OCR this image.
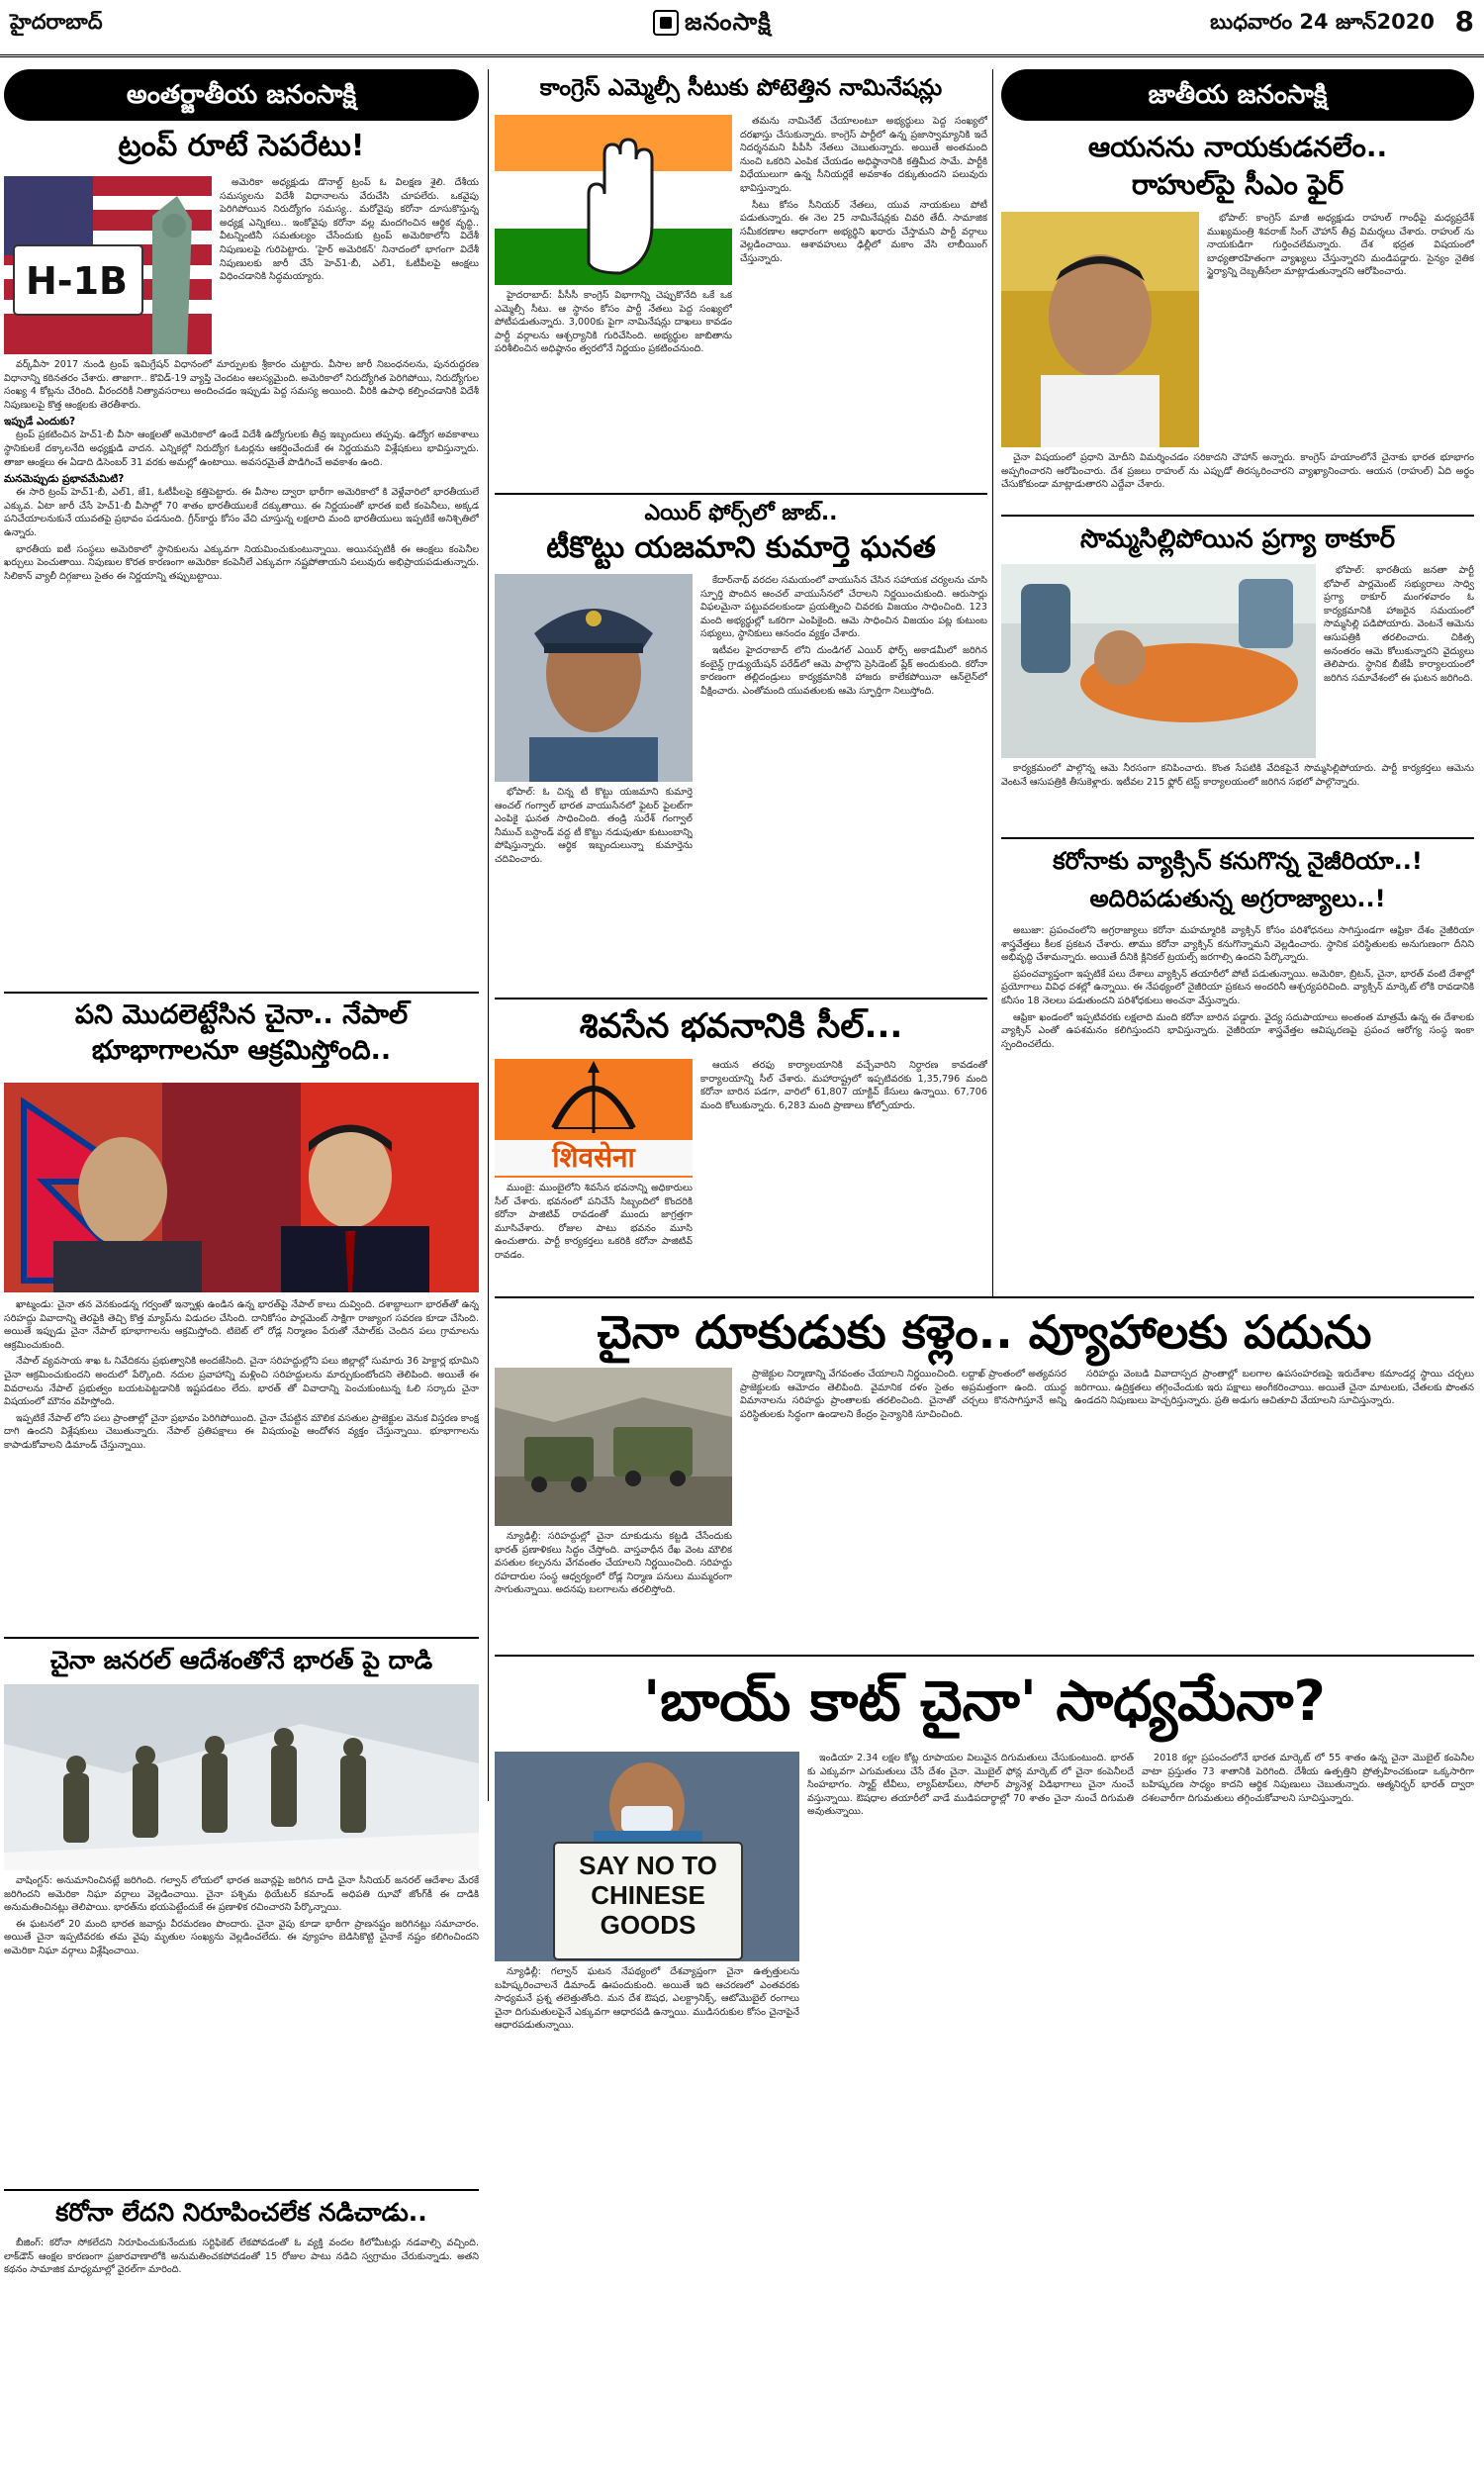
హైదరాబాద్	జనంసాక్షి	బుధవారం 24 జూన్‌2020 8
అంతర్జాతీయ జనంసాక్షి
ట్రంప్‌ రూటే సెపరేటు!
H-1B

అమెరికా అధ్యక్షుడు డొనాల్డ్‌ ట్రంప్‌ ఓ విలక్షణ శైలి. దేశీయ సమస్యలను విదేశీ విధానాలను వేరుచేసి చూపలేరు. ఒకవైపు పెరిగిపోయిన నిరుద్యోగం సమస్య.. మరోవైపు కరోనా దూసుకొస్తున్న అధ్యక్ష ఎన్నికలు.. ఇంకోవైపు కరోనా వల్ల మందగించిన ఆర్థిక వృద్ధి.. వీటన్నింటినీ సమతుల్యం చేసేందుకు ట్రంప్‌ అమెరికాలోని విదేశీ నిపుణులపై గురిపెట్టారు. 'హైర్‌ అమెరికన్‌' నినాదంలో భాగంగా విదేశీ నిపుణులకు జారీ చేసే హెచ్‌1-బీ, ఎల్‌1, ఓటీపీలపై ఆంక్షలు విధించడానికి సిద్ధమయ్యారు.

వర్క్‌వీసా 2017 నుండి ట్రంప్‌ ఇమిగ్రేషన్‌ విధానంలో మార్పులకు శ్రీకారం చుట్టారు. వీసాల జారీ నిబంధనలను, పునరుద్ధరణ విధానాన్ని కఠినతరం చేశారు. తాజాగా.. కొవిడ్‌-19 వ్యాప్తి చెందటం ఆలస్యమైంది. అమెరికాలో నిరుద్యోగిత పెరిగిపోయి, నిరుద్యోగుల సంఖ్య 4 కోట్లను చేరింది. వీరందరికీ నిత్యావసరాలు అందించడం ఇప్పుడు పెద్ద సమస్య అయింది. వీరికి ఉపాధి కల్పించడానికి విదేశీ నిపుణులపై కొత్త ఆంక్షలకు తెరతీశారు.

ఇప్పుడే ఎందుకు?

ట్రంప్‌ ప్రకటించిన హెచ్‌1-బీ వీసా ఆంక్షలతో అమెరికాలో ఉండే విదేశీ ఉద్యోగులకు తీవ్ర ఇబ్బందులు తప్పవు. ఉద్యోగ అవకాశాలు స్థానికులకే దక్కాలనేది అధ్యక్షుడి వాదన. ఎన్నికల్లో నిరుద్యోగ ఓటర్లను ఆకర్షించేందుకే ఈ నిర్ణయమని విశ్లేషకులు భావిస్తున్నారు. తాజా ఆంక్షలు ఈ ఏడాది డిసెంబర్‌ 31 వరకు అమల్లో ఉంటాయి. అవసరమైతే పొడిగించే అవకాశం ఉంది.

మనమెప్పుడు ప్రభావమేమిటి?

ఈ సారి ట్రంప్‌ హెచ్‌1-బీ, ఎల్‌1, జే1, ఓటీపీలపై కత్తిపెట్టారు. ఈ వీసాల ద్వారా భారీగా అమెరికాలో కి వెళ్లేవారిలో భారతీయులే ఎక్కువ. ఏటా జారీ చేసే హెచ్‌1-బీ వీసాల్లో 70 శాతం భారతీయులకే దక్కుతాయి. ఈ నిర్ణయంతో భారత ఐటీ కంపెనీలు, అక్కడ పనిచేయాలనుకునే యువతపై ప్రభావం పడనుంది. గ్రీన్‌కార్డు కోసం వేచి చూస్తున్న లక్షలాది మంది భారతీయులు ఇప్పటికే అనిశ్చితిలో ఉన్నారు.

భారతీయ ఐటీ సంస్థలు అమెరికాలో స్థానికులను ఎక్కువగా నియమించుకుంటున్నాయి. అయినప్పటికీ ఈ ఆంక్షలు కంపెనీల ఖర్చులు పెంచుతాయి. నిపుణుల కొరత కారణంగా అమెరికా కంపెనీలే ఎక్కువగా నష్టపోతాయని పలువురు అభిప్రాయపడుతున్నారు. సిలికాన్‌ వ్యాలీ దిగ్గజాలు సైతం ఈ నిర్ణయాన్ని తప్పుబట్టాయి.

పని మొదలెట్టేసిన చైనా.. నేపాల్‌
భూభాగాలనూ ఆక్రమిస్తోంది..

ఖాట్మండు: చైనా తన వెనకుండన్న గర్వంతో ఇన్నాళ్లు ఉండిన ఉన్న భారత్‌పై నేపాల్‌ కాలు దువ్వింది. దశాబ్దాలుగా భారత్‌తో ఉన్న సరిహద్దు వివాదాన్ని తెరపైకి తెచ్చి కొత్త మ్యాప్‌ను విడుదల చేసింది. దానికోసం పార్లమెంట్‌ సాక్షిగా రాజ్యాంగ సవరణ కూడా చేసింది. అయితే ఇప్పుడు చైనా నేపాల్‌ భూభాగాలను ఆక్రమిస్తోంది. టిబెట్‌ లో రోడ్ల నిర్మాణం పేరుతో నేపాల్‌కు చెందిన పలు గ్రామాలను ఆక్రమించుకుంది.

నేపాల్‌ వ్యవసాయ శాఖ ఓ నివేదికను ప్రభుత్వానికి అందజేసింది. చైనా సరిహద్దుల్లోని పలు జిల్లాల్లో సుమారు 36 హెక్టార్ల భూమిని చైనా ఆక్రమించుకుందని అందులో పేర్కొంది. నదుల ప్రవాహాన్ని మళ్లించి సరిహద్దులను మార్చుకుంటోందని తెలిపింది. అయితే ఈ వివరాలను నేపాల్‌ ప్రభుత్వం బయటపెట్టడానికి ఇష్టపడటం లేదు. భారత్‌ తో వివాదాన్ని పెంచుకుంటున్న ఓలి సర్కారు చైనా విషయంలో మౌనం వహిస్తోంది.

ఇప్పటికే నేపాల్‌ లోని పలు ప్రాంతాల్లో చైనా ప్రభావం పెరిగిపోయింది. చైనా చేపట్టిన మౌలిక వసతుల ప్రాజెక్టుల వెనుక విస్తరణ కాంక్ష దాగి ఉందని విశ్లేషకులు చెబుతున్నారు. నేపాల్‌ ప్రతిపక్షాలు ఈ విషయంపై ఆందోళన వ్యక్తం చేస్తున్నాయి. భూభాగాలను కాపాడుకోవాలని డిమాండ్‌ చేస్తున్నాయి.

చైనా జనరల్‌ ఆదేశంతోనే భారత్‌ పై దాడి

వాషింగ్టన్‌: అనుమానించినట్లే జరిగింది. గల్వాన్‌ లోయలో భారత జవాన్లపై జరిగిన దాడి చైనా సీనియర్‌ జనరల్‌ ఆదేశాల మేరకే జరిగిందని అమెరికా నిఘా వర్గాలు వెల్లడించాయి. చైనా పశ్చిమ థియేటర్‌ కమాండ్‌ అధిపతి ఝావో జోంగ్‌కీ ఈ దాడికి అనుమతించినట్లు తెలిపాయి. భారత్‌ను భయపెట్టేందుకే ఈ ప్రణాళిక రచించారని పేర్కొన్నాయి.

ఈ ఘటనలో 20 మంది భారత జవాన్లు వీరమరణం పొందారు. చైనా వైపు కూడా భారీగా ప్రాణనష్టం జరిగినట్లు సమాచారం. అయితే చైనా ఇప్పటివరకు తమ వైపు మృతుల సంఖ్యను వెల్లడించలేదు. ఈ వ్యూహం బెడిసికొట్టి చైనాకే నష్టం కలిగించిందని అమెరికా నిఘా వర్గాలు విశ్లేషించాయి.

కరోనా లేదని నిరూపించలేక నడిచాడు..

బీజింగ్‌: కరోనా సోకలేదని నిరూపించుకునేందుకు సర్టిఫికెట్‌ లేకపోవడంతో ఓ వ్యక్తి వందల కిలోమీటర్లు నడవాల్సి వచ్చింది. లాక్‌డౌన్‌ ఆంక్షల కారణంగా ప్రజారవాణాలోకి అనుమతించకపోవడంతో 15 రోజుల పాటు నడిచి స్వగ్రామం చేరుకున్నాడు. అతని కథనం సామాజిక మాధ్యమాల్లో వైరల్‌గా మారింది.

కాంగ్రెస్‌ ఎమ్మెల్సీ సీటుకు పోటెత్తిన నామినేషన్లు

హైదరాబాద్‌: పీసీసీ కాంగ్రెస్‌ విభాగాన్ని చెప్పుకొనేది ఒకే ఒక ఎమ్మెల్సీ సీటు. ఆ స్థానం కోసం పార్టీ నేతలు పెద్ద సంఖ్యలో పోటీపడుతున్నారు. 3,000కు పైగా నామినేషన్లు దాఖలు కావడం పార్టీ వర్గాలను ఆశ్చర్యానికి గురిచేసింది. అభ్యర్థుల జాబితాను పరిశీలించిన అధిష్ఠానం త్వరలోనే నిర్ణయం ప్రకటించనుంది.

తమను నామినేట్‌ చేయాలంటూ అభ్యర్థులు పెద్ద సంఖ్యలో దరఖాస్తు చేసుకున్నారు. కాంగ్రెస్‌ పార్టీలో ఉన్న ప్రజాస్వామ్యానికి ఇదే నిదర్శనమని పీపీసీ నేతలు చెబుతున్నారు. అయితే అంతమంది నుంచి ఒకరిని ఎంపిక చేయడం అధిష్ఠానానికి కత్తిమీద సామే. పార్టీకి విధేయులుగా ఉన్న సీనియర్లకే అవకాశం దక్కుతుందని పలువురు భావిస్తున్నారు.

సీటు కోసం సీనియర్‌ నేతలు, యువ నాయకులు పోటీ పడుతున్నారు. ఈ నెల 25 నామినేషన్లకు చివరి తేదీ. సామాజిక సమీకరణాల ఆధారంగా అభ్యర్థిని ఖరారు చేస్తామని పార్టీ వర్గాలు వెల్లడించాయి. ఆశావహులు ఢిల్లీలో మకాం వేసి లాబీయింగ్‌ చేస్తున్నారు.

ఎయిర్‌ ఫోర్స్‌లో జాబ్‌..
టీకొట్టు యజమాని కుమార్తె ఘనత

భోపాల్‌: ఓ చిన్న టీ కొట్టు యజమాని కుమార్తె ఆంచల్‌ గంగ్వాల్‌ భారత వాయుసేనలో ఫైటర్‌ పైలట్‌గా ఎంపికై ఘనత సాధించింది. తండ్రి సురేశ్‌ గంగ్వాల్‌ నీముచ్‌ బస్టాండ్‌ వద్ద టీ కొట్టు నడుపుతూ కుటుంబాన్ని పోషిస్తున్నారు. ఆర్థిక ఇబ్బందులున్నా కుమార్తెను చదివించారు.

కేదార్‌నాథ్‌ వరదల సమయంలో వాయుసేన చేసిన సహాయక చర్యలను చూసి స్ఫూర్తి పొందిన ఆంచల్‌ వాయుసేనలో చేరాలని నిర్ణయించుకుంది. ఆరుసార్లు విఫలమైనా పట్టువదలకుండా ప్రయత్నించి చివరకు విజయం సాధించింది. 123 మంది అభ్యర్థుల్లో ఒకరిగా ఎంపికైంది. ఆమె సాధించిన విజయం పట్ల కుటుంబ సభ్యులు, స్థానికులు ఆనందం వ్యక్తం చేశారు.

ఇటీవల హైదరాబాద్‌ లోని దుండిగల్‌ ఎయిర్‌ ఫోర్స్‌ అకాడమీలో జరిగిన కంబైన్డ్‌ గ్రాడ్యుయేషన్‌ పరేడ్‌లో ఆమె పాల్గొని ప్రెసిడెంట్‌ ప్లేక్‌ అందుకుంది. కరోనా కారణంగా తల్లిదండ్రులు కార్యక్రమానికి హాజరు కాలేకపోయినా ఆన్‌లైన్‌లో వీక్షించారు. ఎంతోమంది యువతులకు ఆమె స్ఫూర్తిగా నిలుస్తోంది.

శివసేన భవనానికి సీల్‌...
शिवसेना

ముంబై: ముంబైలోని శివసేన భవనాన్ని అధికారులు సీల్‌ చేశారు. భవనంలో పనిచేసే సిబ్బందిలో కొందరికి కరోనా పాజిటివ్‌ రావడంతో ముందు జాగ్రత్తగా మూసివేశారు. రోజుల పాటు భవనం మూసి ఉంచుతారు. పార్టీ కార్యకర్తలు ఒకరికి కరోనా పాజిటివ్‌ రావడం.

ఆయన తరఫు కార్యాలయానికి వచ్చేవారిని నిర్ధారణ కావడంతో కార్యాలయాన్ని సీల్‌ చేశారు. మహారాష్ట్రలో ఇప్పటివరకు 1,35,796 మంది కరోనా బారిన పడగా, వారిలో 61,807 యాక్టివ్‌ కేసులు ఉన్నాయి. 67,706 మంది కోలుకున్నారు. 6,283 మంది ప్రాణాలు కోల్పోయారు.

చైనా దూకుడుకు కళ్లెం.. వ్యూహాలకు పదును

న్యూఢిల్లీ: సరిహద్దుల్లో చైనా దూకుడును కట్టడి చేసేందుకు భారత్‌ ప్రణాళికలు సిద్ధం చేస్తోంది. వాస్తవాధీన రేఖ వెంట మౌలిక వసతుల కల్పనను వేగవంతం చేయాలని నిర్ణయించింది. సరిహద్దు రహదారుల సంస్థ ఆధ్వర్యంలో రోడ్ల నిర్మాణ పనులు ముమ్మరంగా సాగుతున్నాయి. అదనపు బలగాలను తరలిస్తోంది.

ప్రాజెక్టుల నిర్మాణాన్ని వేగవంతం చేయాలని నిర్ణయించింది. లద్దాఖ్‌ ప్రాంతంలో అత్యవసర ప్రాజెక్టులకు ఆమోదం తెలిపింది. వైమానిక దళం సైతం అప్రమత్తంగా ఉంది. యుద్ధ విమానాలను సరిహద్దు ప్రాంతాలకు తరలించింది. చైనాతో చర్చలు కొనసాగిస్తూనే అన్ని పరిస్థితులకు సిద్ధంగా ఉండాలని కేంద్రం సైన్యానికి సూచించింది.

సరిహద్దు వెంబడి వివాదాస్పద ప్రాంతాల్లో బలగాల ఉపసంహరణపై ఇరుదేశాల కమాండర్ల స్థాయి చర్చలు జరిగాయి. ఉద్రిక్తతలు తగ్గించేందుకు ఇరు పక్షాలు అంగీకరించాయి. అయితే చైనా మాటలకు, చేతలకు పొంతన ఉండదని నిపుణులు హెచ్చరిస్తున్నారు. ప్రతి అడుగు ఆచితూచి వేయాలని సూచిస్తున్నారు.

'బాయ్‌ కాట్‌ చైనా' సాధ్యమేనా?
SAY NO TO CHINESE GOODS

న్యూఢిల్లీ: గల్వాన్‌ ఘటన నేపథ్యంలో దేశవ్యాప్తంగా చైనా ఉత్పత్తులను బహిష్కరించాలనే డిమాండ్‌ ఊపందుకుంది. అయితే ఇది ఆచరణలో ఎంతవరకు సాధ్యమనే ప్రశ్న తలెత్తుతోంది. మన దేశ ఔషధ, ఎలక్ట్రానిక్స్‌, ఆటోమొబైల్‌ రంగాలు చైనా దిగుమతులపైనే ఎక్కువగా ఆధారపడి ఉన్నాయి. ముడిసరుకుల కోసం చైనాపైనే ఆధారపడుతున్నాయి.

ఇండియా 2.34 లక్షల కోట్ల రూపాయల విలువైన దిగుమతులు చేసుకుంటుంది. భారత్‌ కు ఎక్కువగా ఎగుమతులు చేసే దేశం చైనా. మొబైల్‌ ఫోన్ల మార్కెట్‌ లో చైనా కంపెనీలదే సింహభాగం. స్మార్ట్‌ టీవీలు, ల్యాప్‌టాప్‌లు, సోలార్‌ ప్యానెళ్ల విడిభాగాలు చైనా నుంచే వస్తున్నాయి. ఔషధాల తయారీలో వాడే ముడిపదార్థాల్లో 70 శాతం చైనా నుంచే దిగుమతి అవుతున్నాయి.

2018 కల్లా ప్రపంచంలోనే భారత మార్కెట్‌ లో 55 శాతం ఉన్న చైనా మొబైల్‌ కంపెనీల వాటా ప్రస్తుతం 73 శాతానికి పెరిగింది. దేశీయ ఉత్పత్తిని ప్రోత్సహించకుండా ఒక్కసారిగా బహిష్కరణ సాధ్యం కాదని ఆర్థిక నిపుణులు చెబుతున్నారు. ఆత్మనిర్భర్‌ భారత్‌ ద్వారా దశలవారీగా దిగుమతులు తగ్గించుకోవాలని సూచిస్తున్నారు.

జాతీయ జనంసాక్షి
ఆయనను నాయకుడనలేం..
రాహుల్‌పై సీఎం ఫైర్‌

భోపాల్‌: కాంగ్రెస్‌ మాజీ అధ్యక్షుడు రాహుల్‌ గాంధీపై మధ్యప్రదేశ్‌ ముఖ్యమంత్రి శివరాజ్‌ సింగ్‌ చౌహాన్‌ తీవ్ర విమర్శలు చేశారు. రాహుల్‌ ను నాయకుడిగా గుర్తించలేమన్నారు. దేశ భద్రత విషయంలో బాధ్యతారహితంగా వ్యాఖ్యలు చేస్తున్నారని మండిపడ్డారు. సైన్యం నైతిక స్థైర్యాన్ని దెబ్బతీసేలా మాట్లాడుతున్నారని ఆరోపించారు.

చైనా విషయంలో ప్రధాని మోదీని విమర్శించడం సరికాదని చౌహాన్‌ అన్నారు. కాంగ్రెస్‌ హయాంలోనే చైనాకు భారత భూభాగం అప్పగించారని ఆరోపించారు. దేశ ప్రజలు రాహుల్‌ ను ఎప్పుడో తిరస్కరించారని వ్యాఖ్యానించారు. ఆయన (రాహుల్‌) ఏది అర్థం చేసుకోకుండా మాట్లాడుతారని ఎద్దేవా చేశారు.

సొమ్మసిల్లిపోయిన ప్రగ్యా ఠాకూర్‌

భోపాల్‌: భారతీయ జనతా పార్టీ భోపాల్‌ పార్లమెంట్‌ సభ్యురాలు సాధ్వి ప్రగ్యా ఠాకూర్‌ మంగళవారం ఓ కార్యక్రమానికి హాజరైన సమయంలో సొమ్మసిల్లి పడిపోయారు. వెంటనే ఆమెను ఆసుపత్రికి తరలించారు. చికిత్స అనంతరం ఆమె కోలుకున్నారని వైద్యులు తెలిపారు. స్థానిక బీజేపీ కార్యాలయంలో జరిగిన సమావేశంలో ఈ ఘటన జరిగింది.

కార్యక్రమంలో పాల్గొన్న ఆమె నీరసంగా కనిపించారు. కొంత సేపటికి వేదికపైనే సొమ్మసిల్లిపోయారు. పార్టీ కార్యకర్తలు ఆమెను వెంటనే ఆసుపత్రికి తీసుకెళ్లారు. ఇటీవల 215 ఫ్లోర్‌ టెస్ట్‌ కార్యాలయంలో జరిగిన సభలో పాల్గొన్నారు.

కరోనాకు వ్యాక్సిన్‌ కనుగొన్న నైజీరియా..!
అదిరిపడుతున్న అగ్రరాజ్యాలు..!

అబుజా: ప్రపంచంలోని అగ్రరాజ్యాలు కరోనా మహమ్మారికి వ్యాక్సిన్‌ కోసం పరిశోధనలు సాగిస్తుండగా ఆఫ్రికా దేశం నైజీరియా శాస్త్రవేత్తలు కీలక ప్రకటన చేశారు. తాము కరోనా వ్యాక్సిన్‌ కనుగొన్నామని వెల్లడించారు. స్థానిక పరిస్థితులకు అనుగుణంగా దీనిని అభివృద్ధి చేశామన్నారు. అయితే దీనికి క్లినికల్‌ ట్రయల్స్‌ జరగాల్సి ఉందని పేర్కొన్నారు.

ప్రపంచవ్యాప్తంగా ఇప్పటికే పలు దేశాలు వ్యాక్సిన్‌ తయారీలో పోటీ పడుతున్నాయి. అమెరికా, బ్రిటన్‌, చైనా, భారత్‌ వంటి దేశాల్లో ప్రయోగాలు వివిధ దశల్లో ఉన్నాయి. ఈ నేపథ్యంలో నైజీరియా ప్రకటన అందరినీ ఆశ్చర్యపరిచింది. వ్యాక్సిన్‌ మార్కెట్‌ లోకి రావడానికి కనీసం 18 నెలలు పడుతుందని పరిశోధకులు అంచనా వేస్తున్నారు.

ఆఫ్రికా ఖండంలో ఇప్పటివరకు లక్షలాది మంది కరోనా బారిన పడ్డారు. వైద్య సదుపాయాలు అంతంత మాత్రమే ఉన్న ఈ దేశాలకు వ్యాక్సిన్‌ ఎంతో ఉపశమనం కలిగిస్తుందని భావిస్తున్నారు. నైజీరియా శాస్త్రవేత్తల ఆవిష్కరణపై ప్రపంచ ఆరోగ్య సంస్థ ఇంకా స్పందించలేదు.
